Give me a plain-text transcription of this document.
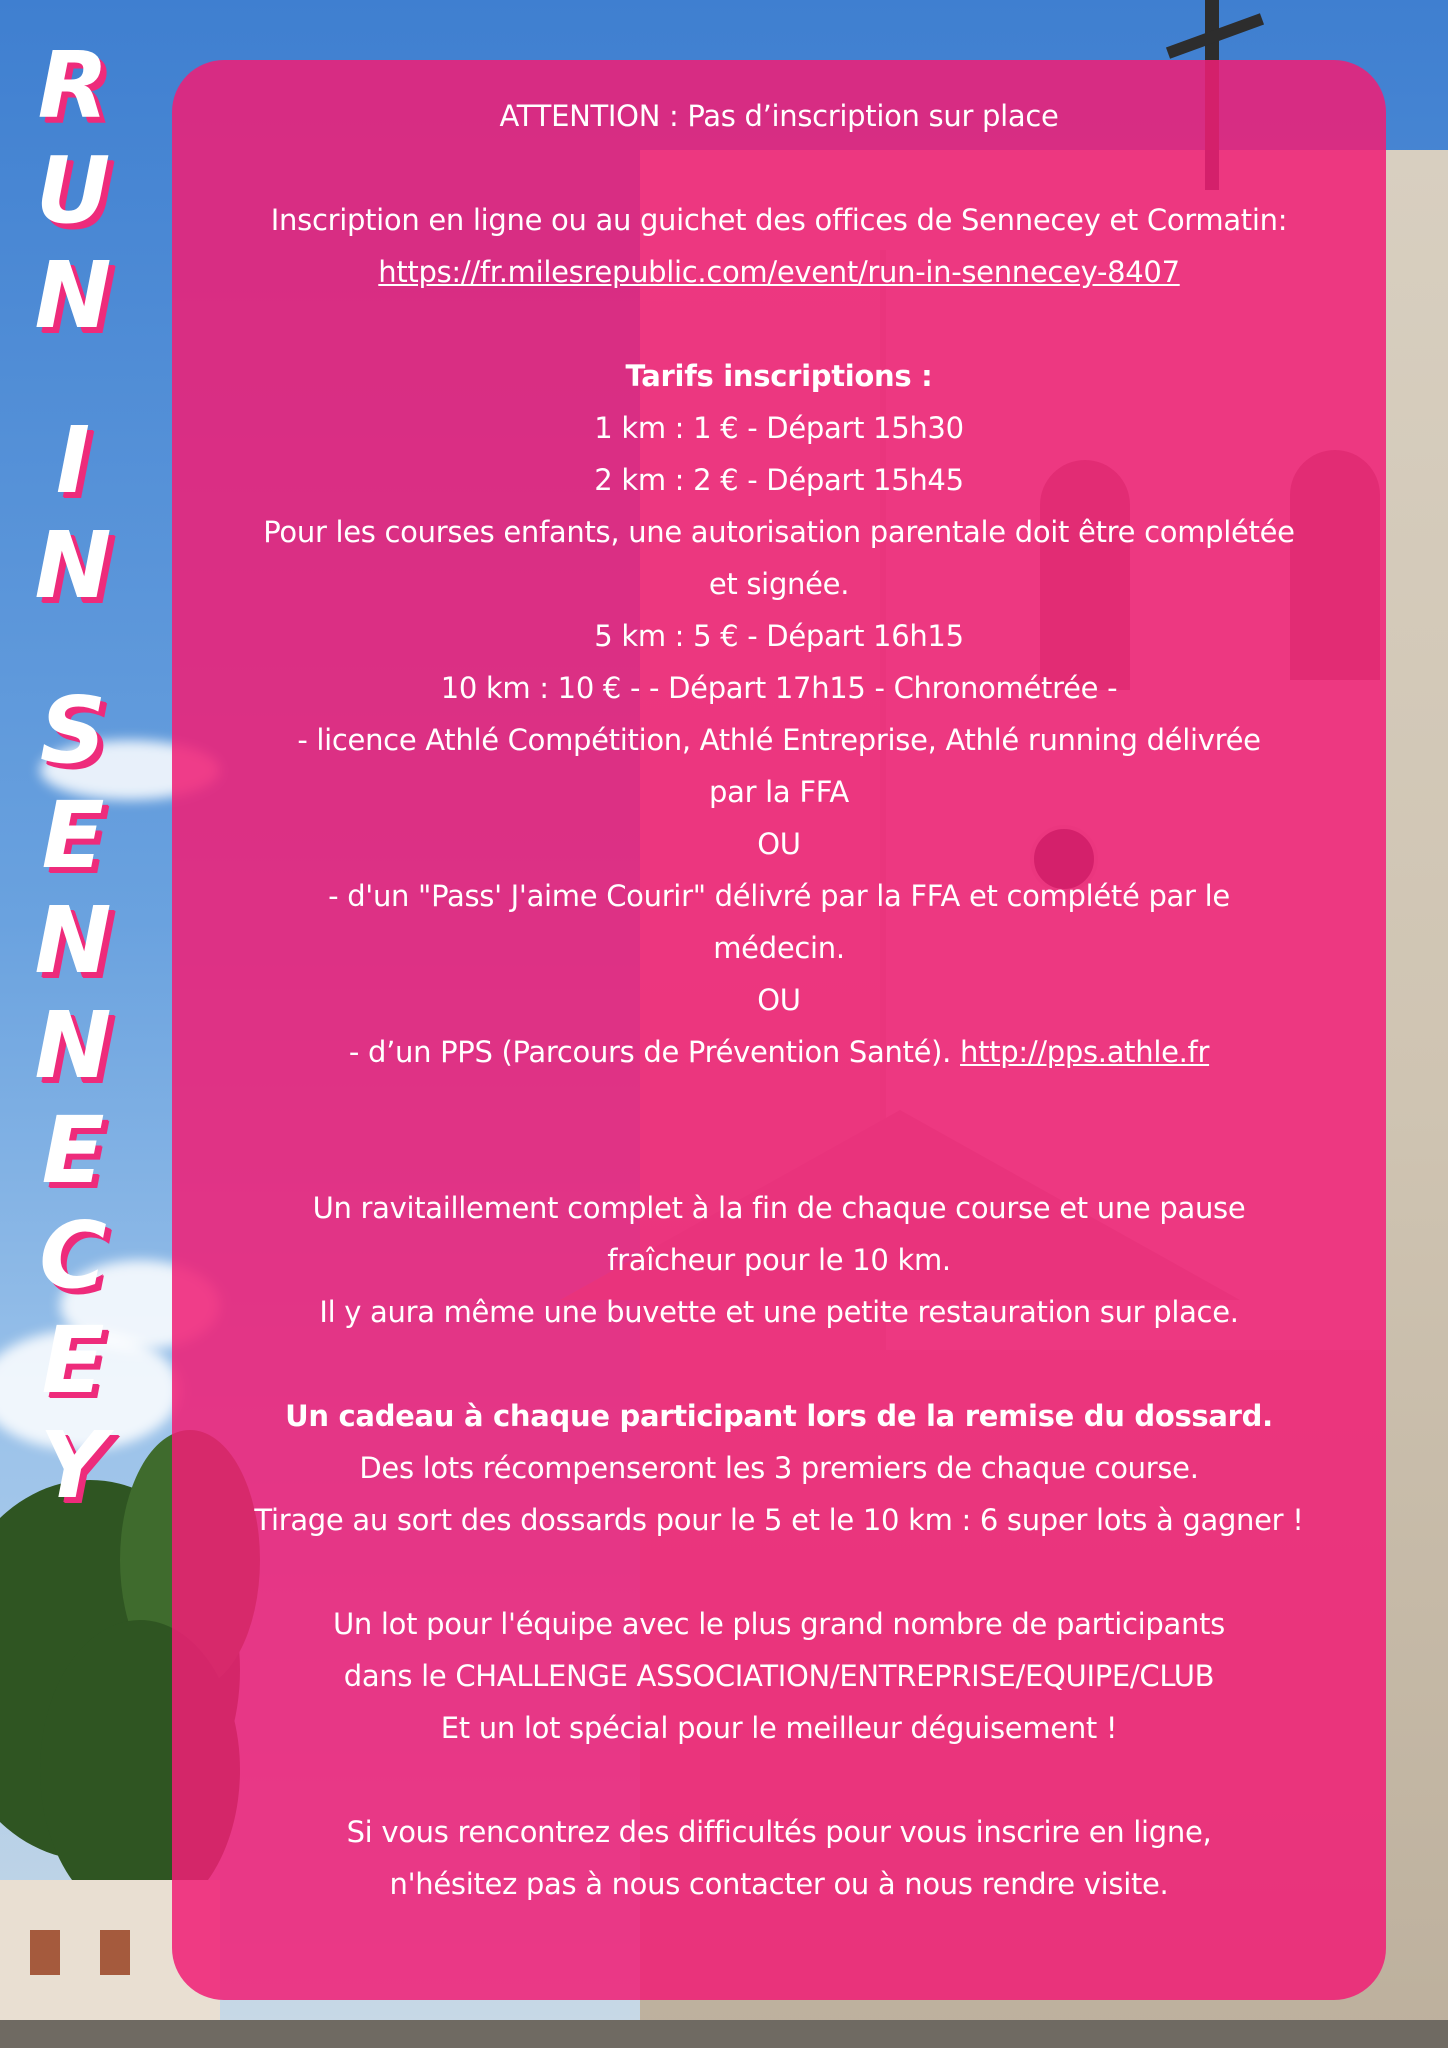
R
U
N
I
N
S
E
N
N
E
C
E
Y

ATTENTION : Pas d’inscription sur place

Inscription en ligne ou au guichet des offices de Sennecey et Cormatin:

https://fr.milesrepublic.com/event/run-in-sennecey-8407

Tarifs inscriptions :

1 km : 1 € - Départ 15h30

2 km : 2 € - Départ 15h45

Pour les courses enfants, une autorisation parentale doit être complétée

et signée.

5 km : 5 € - Départ 16h15

10 km : 10 € - - Départ 17h15 - Chronométrée -

- licence Athlé Compétition, Athlé Entreprise, Athlé running délivrée

par la FFA

OU

- d'un "Pass' J'aime Courir" délivré par la FFA et complété par le

médecin.

OU

- d’un PPS (Parcours de Prévention Santé). http://pps.athle.fr

Un ravitaillement complet à la fin de chaque course et une pause

fraîcheur pour le 10 km.

Il y aura même une buvette et une petite restauration sur place.

Un cadeau à chaque participant lors de la remise du dossard.

Des lots récompenseront les 3 premiers de chaque course.

Tirage au sort des dossards pour le 5 et le 10 km : 6 super lots à gagner !

Un lot pour l'équipe avec le plus grand nombre de participants

dans le CHALLENGE ASSOCIATION/ENTREPRISE/EQUIPE/CLUB

Et un lot spécial pour le meilleur déguisement !

Si vous rencontrez des difficultés pour vous inscrire en ligne,

n'hésitez pas à nous contacter ou à nous rendre visite.
